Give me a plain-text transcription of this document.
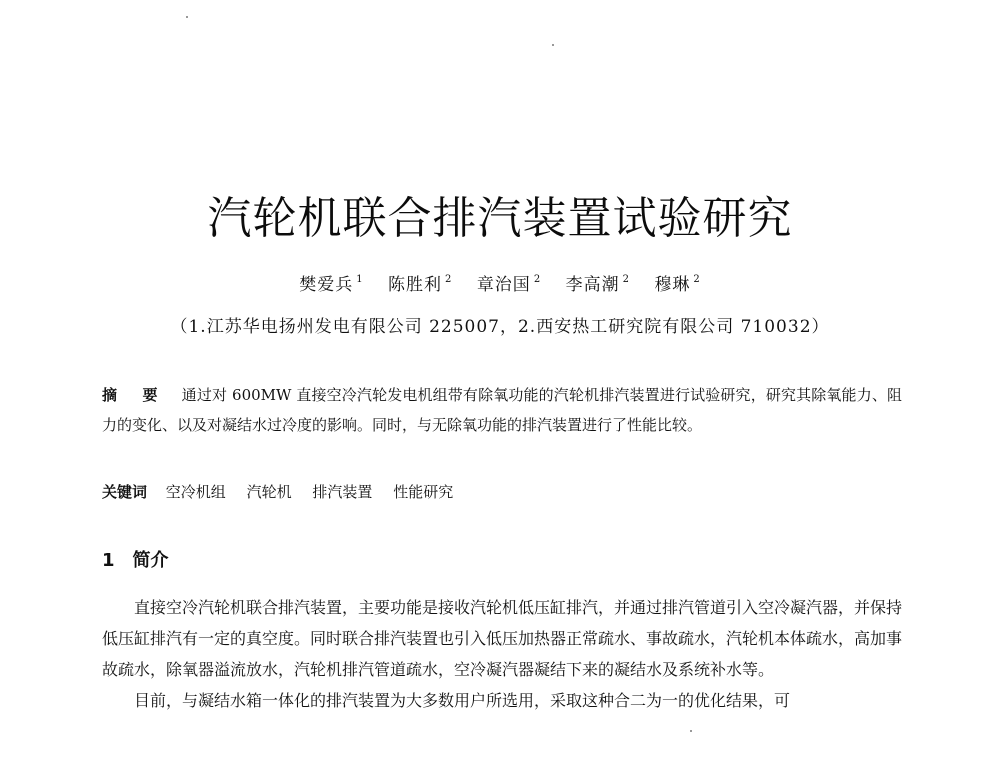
汽轮机联合排汽装置试验研究
樊爱兵 $^1$ 陈胜利 $^2$ 章治国 $^2$ 李高潮 $^2$ 穆琳 $^2$
（1.江苏华电扬州发电有限公司 225007，2.西安热工研究院有限公司 710032）
摘 要 通过对 600MW 直接空冷汽轮发电机组带有除氧功能的汽轮机排汽装置进行试验研究，研究其除氧能力、阻力的变化、以及对凝结水过冷度的影响。同时，与无除氧功能的排汽装置进行了性能比较。
关键词 空冷机组 汽轮机 排汽装置 性能研究
1 简介

直接空冷汽轮机联合排汽装置，主要功能是接收汽轮机低压缸排汽，并通过排汽管道引入空冷凝汽器，并保持低压缸排汽有一定的真空度。同时联合排汽装置也引入低压加热器正常疏水、事故疏水，汽轮机本体疏水，高加事故疏水，除氧器溢流放水，汽轮机排汽管道疏水，空冷凝汽器凝结下来的凝结水及系统补水等。

目前，与凝结水箱一体化的排汽装置为大多数用户所选用，采取这种合二为一的优化结果，可
